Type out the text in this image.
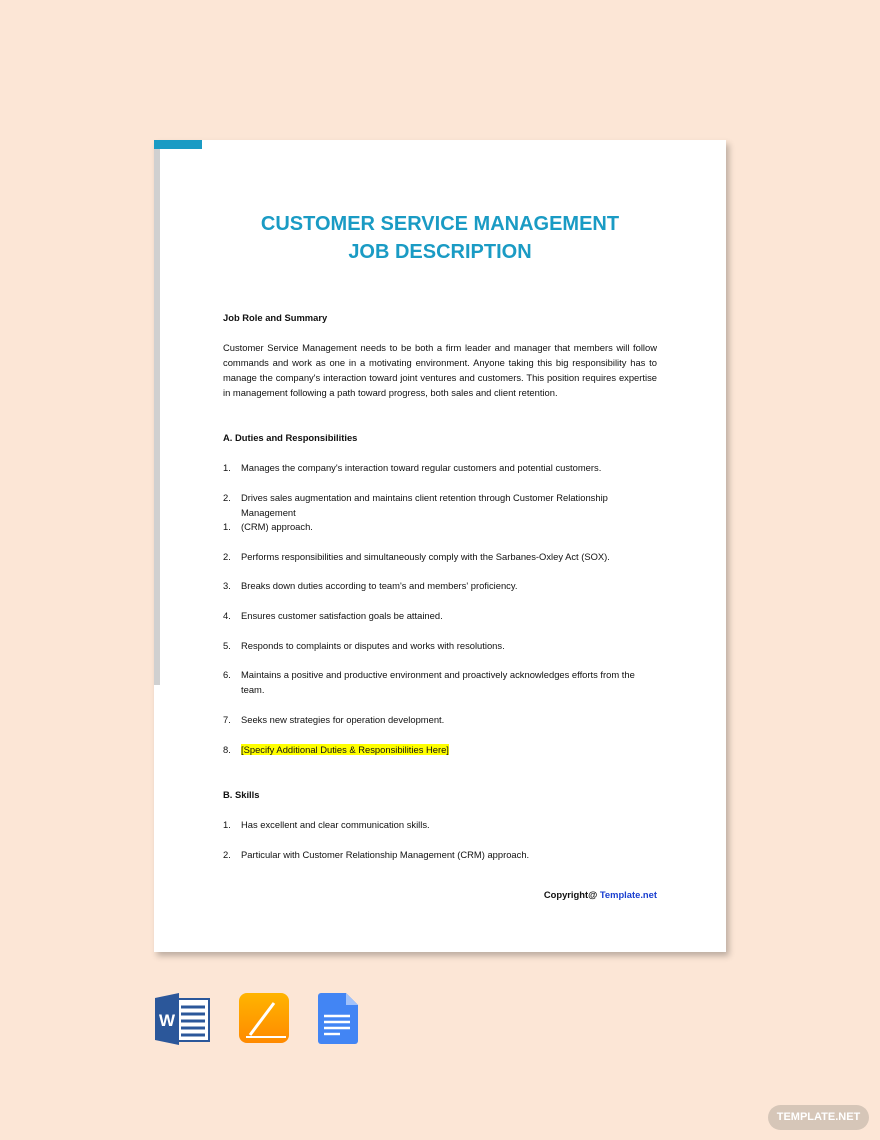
CUSTOMER SERVICE MANAGEMENT
JOB DESCRIPTION
Job Role and Summary
Customer Service Management needs to be both a firm leader and manager that members will follow commands and work as one in a motivating environment. Anyone taking this big responsibility has to manage the company's interaction toward joint ventures and customers. This position requires expertise in management following a path toward progress, both sales and client retention.
A. Duties and Responsibilities
1.	Manages the company's interaction toward regular customers and potential customers.
2.	Drives sales augmentation and maintains client retention through Customer Relationship Management
1.	(CRM) approach.
2.	Performs responsibilities and simultaneously comply with the Sarbanes-Oxley Act (SOX).
3.	Breaks down duties according to team's and members' proficiency.
4.	Ensures customer satisfaction goals be attained.
5.	Responds to complaints or disputes and works with resolutions.
6.	Maintains a positive and productive environment and proactively acknowledges efforts from the team.
7.	Seeks new strategies for operation development.
8.	[Specify Additional Duties & Responsibilities Here]
B. Skills
1.	Has excellent and clear communication skills.
2.	Particular with Customer Relationship Management (CRM) approach.
Copyright@ Template.net
W
TEMPLATE.NET
